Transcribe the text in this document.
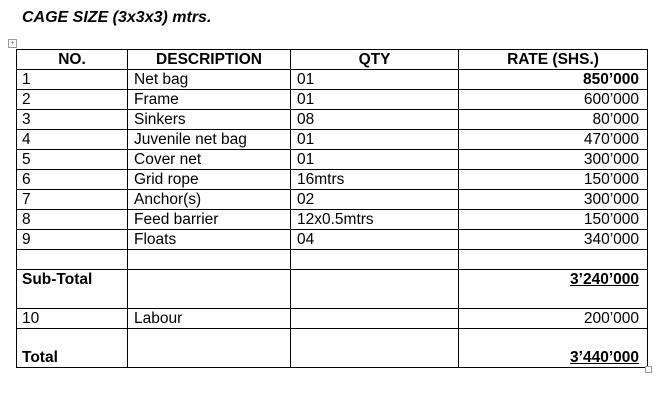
CAGE SIZE (3x3x3) mtrs.
+
NO.	DESCRIPTION	QTY	RATE (SHS.)
1	Net bag	01	850’000
2	Frame	01	600’000
3	Sinkers	08	80’000
4	Juvenile net bag	01	470’000
5	Cover net	01	300’000
6	Grid rope	16mtrs	150’000
7	Anchor(s)	02	300’000
8	Feed barrier	12x0.5mtrs	150’000
9	Floats	04	340’000

Sub-Total			3’240’000
10	Labour		200’000
Total			3’440’000
